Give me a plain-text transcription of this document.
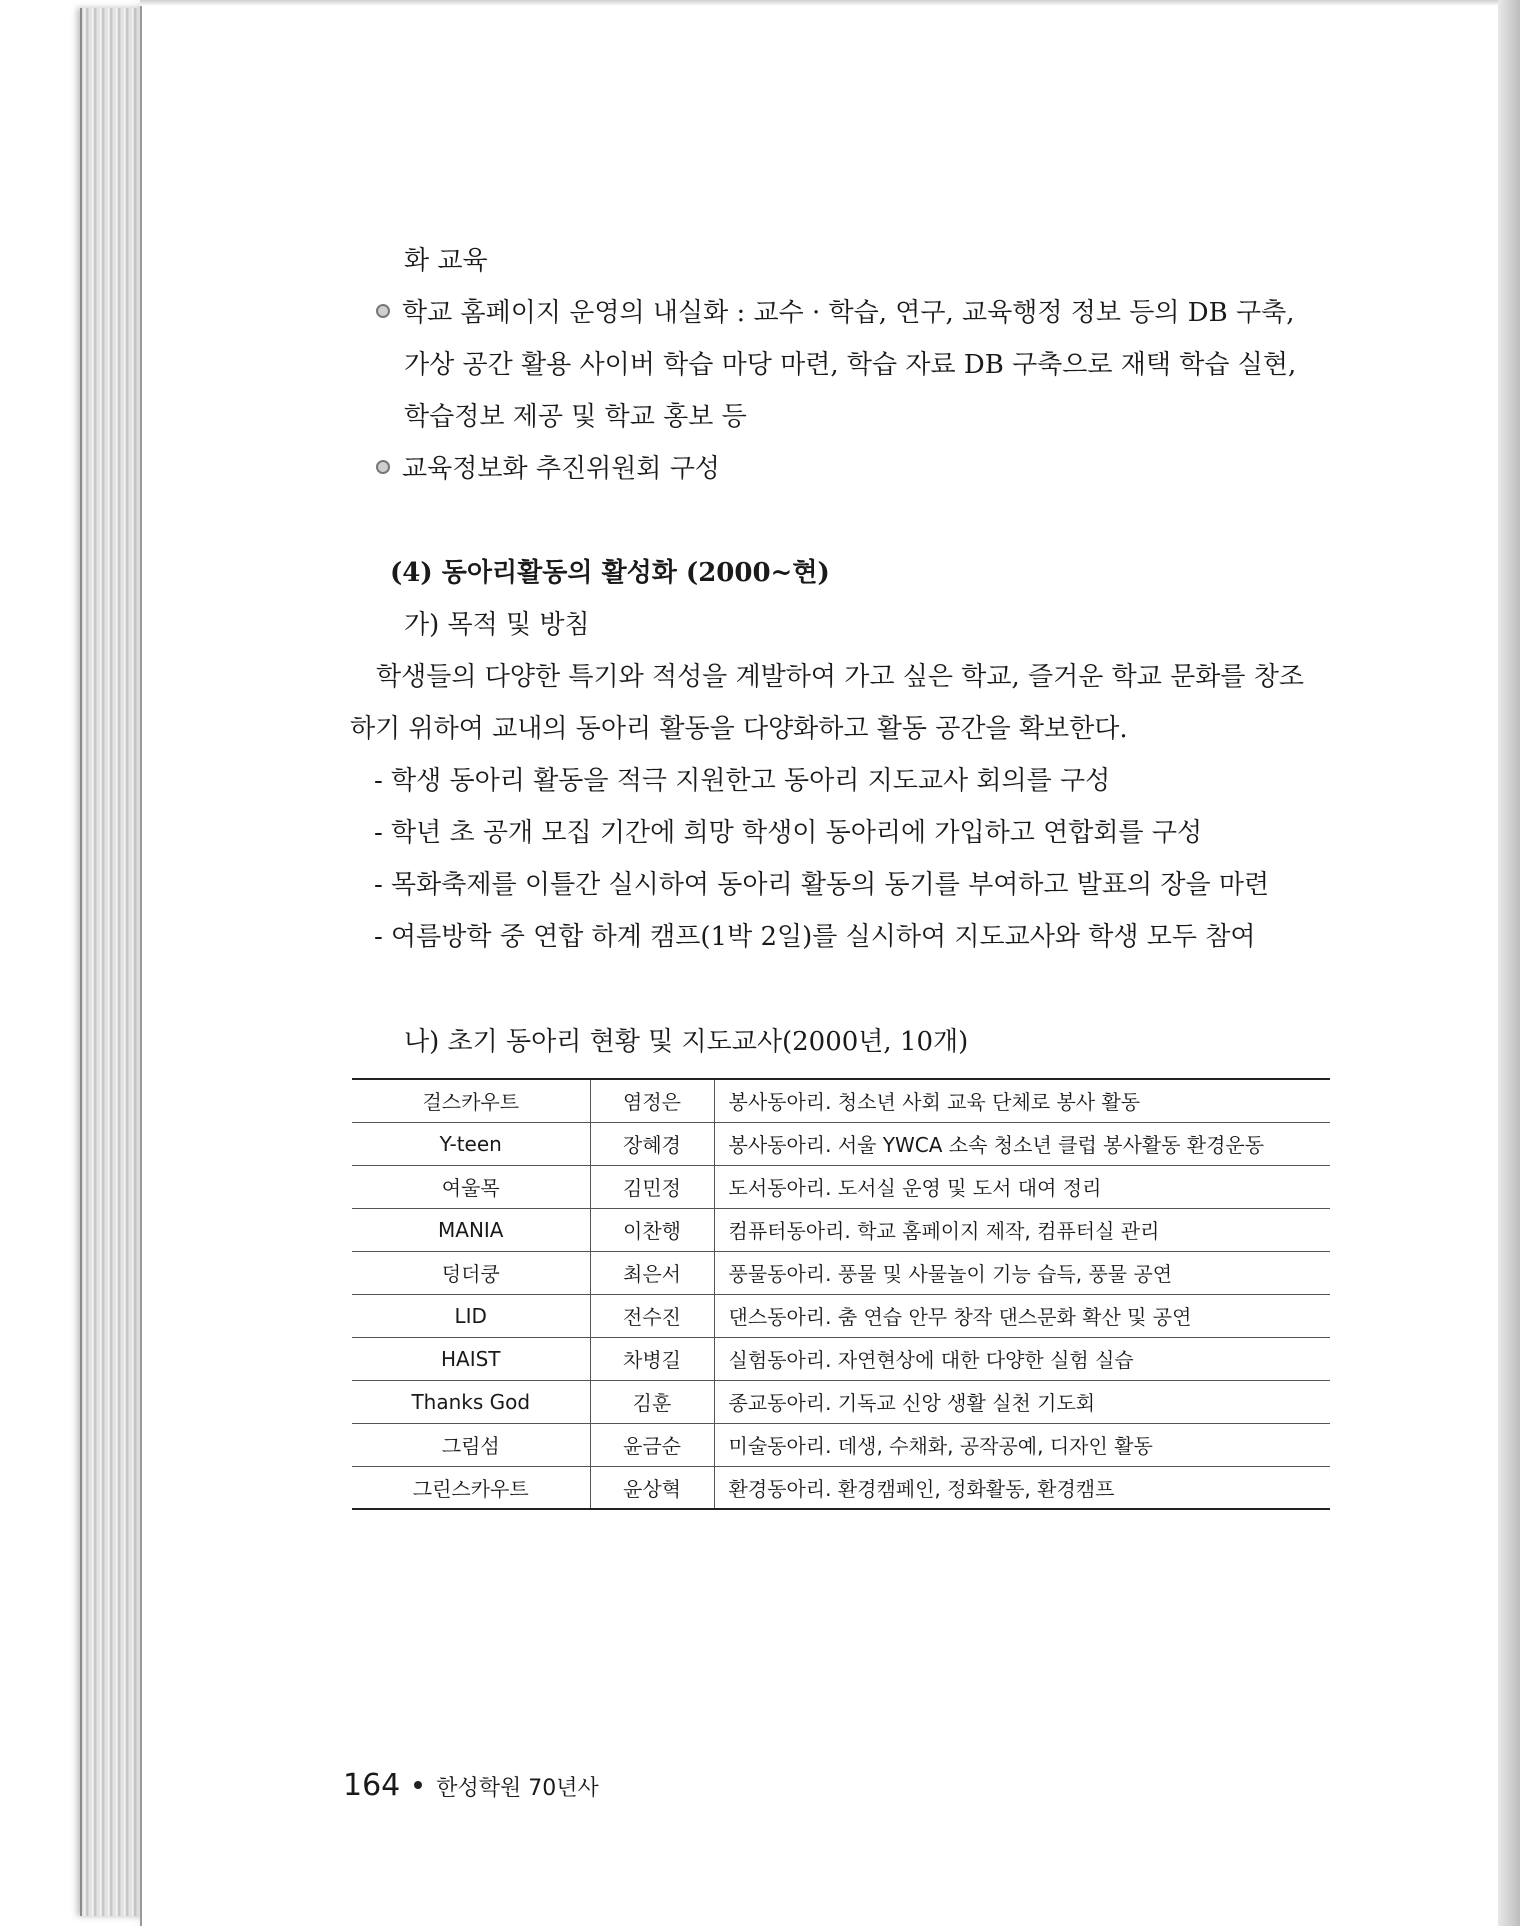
화 교육
학교 홈페이지 운영의 내실화 : 교수 · 학습, 연구, 교육행정 정보 등의 DB 구축,
가상 공간 활용 사이버 학습 마당 마련, 학습 자료 DB 구축으로 재택 학습 실현,
학습정보 제공 및 학교 홍보 등
교육정보화 추진위원회 구성
(4) 동아리활동의 활성화 (2000~현)
가) 목적 및 방침
학생들의 다양한 특기와 적성을 계발하여 가고 싶은 학교, 즐거운 학교 문화를 창조
하기 위하여 교내의 동아리 활동을 다양화하고 활동 공간을 확보한다.
- 학생 동아리 활동을 적극 지원한고 동아리 지도교사 회의를 구성
- 학년 초 공개 모집 기간에 희망 학생이 동아리에 가입하고 연합회를 구성
- 목화축제를 이틀간 실시하여 동아리 활동의 동기를 부여하고 발표의 장을 마련
- 여름방학 중 연합 하계 캠프(1박 2일)를 실시하여 지도교사와 학생 모두 참여
나) 초기 동아리 현황 및 지도교사(2000년, 10개)
걸스카우트	염정은	봉사동아리. 청소년 사회 교육 단체로 봉사 활동
Y-teen	장혜경	봉사동아리. 서울 YWCA 소속 청소년 클럽 봉사활동 환경운동
여울목	김민정	도서동아리. 도서실 운영 및 도서 대여 정리
MANIA	이찬행	컴퓨터동아리. 학교 홈페이지 제작, 컴퓨터실 관리
덩더쿵	최은서	풍물동아리. 풍물 및 사물놀이 기능 습득, 풍물 공연
LID	전수진	댄스동아리. 춤 연습 안무 창작 댄스문화 확산 및 공연
HAIST	차병길	실험동아리. 자연현상에 대한 다양한 실험 실습
Thanks God	김훈	종교동아리. 기독교 신앙 생활 실천 기도회
그림섬	윤금순	미술동아리. 데생, 수채화, 공작공예, 디자인 활동
그린스카우트	윤상혁	환경동아리. 환경캠페인, 정화활동, 환경캠프
164 한성학원 70년사
